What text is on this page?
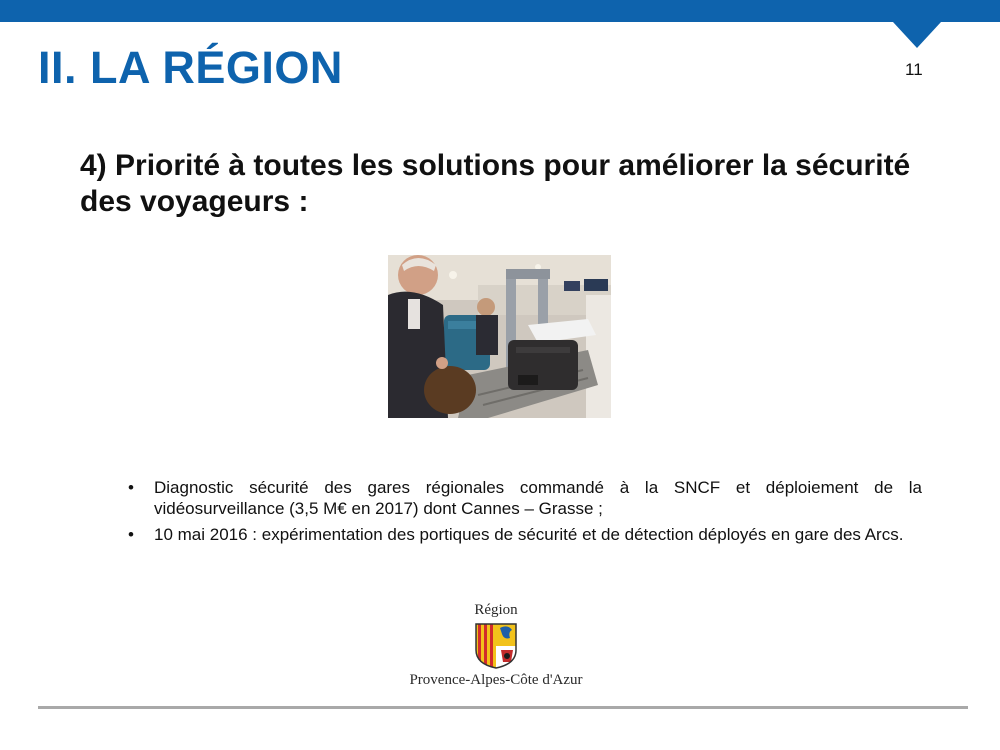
II. LA RÉGION	11
4) Priorité à toutes les solutions pour améliorer la sécurité des voyageurs :
• Diagnostic sécurité des gares régionales commandé à la SNCF et déploiement de la vidéosurveillance (3,5 M€ en 2017) dont Cannes – Grasse ;
• 10 mai 2016 : expérimentation des portiques de sécurité et de détection déployés en gare des Arcs.
Région
Provence-Alpes-Côte d'Azur
